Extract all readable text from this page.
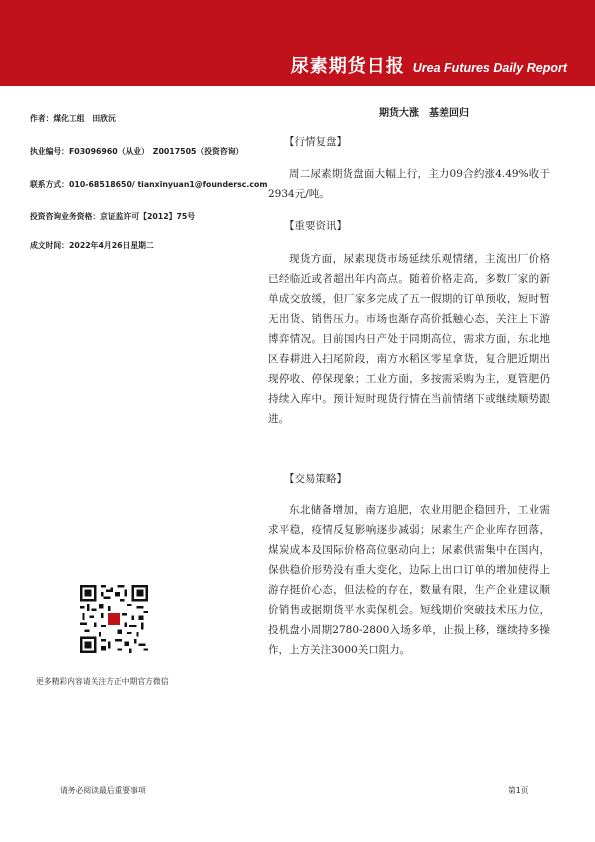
尿素期货日报 Urea Futures Daily Report
作者：煤化工组　田欣沅
执业编号：F03096960（从业）　Z0017505（投资咨询）
联系方式：010-68518650/ tianxinyuan1@foundersc.com
投资咨询业务资格：京证监许可【2012】75号
成文时间：2022年4月26日星期二
期货大涨　基差回归
【行情复盘】

周二尿素期货盘面大幅上行，主力09合约涨4.49%收于2934元/吨。

【重要资讯】

现货方面，尿素现货市场延续乐观情绪，主流出厂价格已经临近或者超出年内高点。随着价格走高，多数厂家的新单成交放缓，但厂家多完成了五一假期的订单预收，短时暂无出货、销售压力。市场也渐存高价抵触心态，关注上下游博弈情况。目前国内日产处于同期高位，需求方面，东北地区春耕进入扫尾阶段，南方水稻区零星拿货，复合肥近期出现停收、停保现象；工业方面，多按需采购为主，夏管肥仍持续入库中。预计短时现货行情在当前情绪下或继续顺势跟进。

【交易策略】

东北储备增加，南方追肥，农业用肥企稳回升，工业需求平稳，疫情反复影响逐步减弱；尿素生产企业库存回落，煤炭成本及国际价格高位驱动向上；尿素供需集中在国内，保供稳价形势没有重大变化，边际上出口订单的增加使得上游存挺价心态，但法检的存在，数量有限，生产企业建议顺价销售或据期货平水卖保机会。短线期价突破技术压力位，投机盘小周期2780-2800入场多单，止损上移，继续持多操作，上方关注3000关口阻力。

更多精彩内容请关注方正中期官方微信
请务必阅读最后重要事项	第1页
